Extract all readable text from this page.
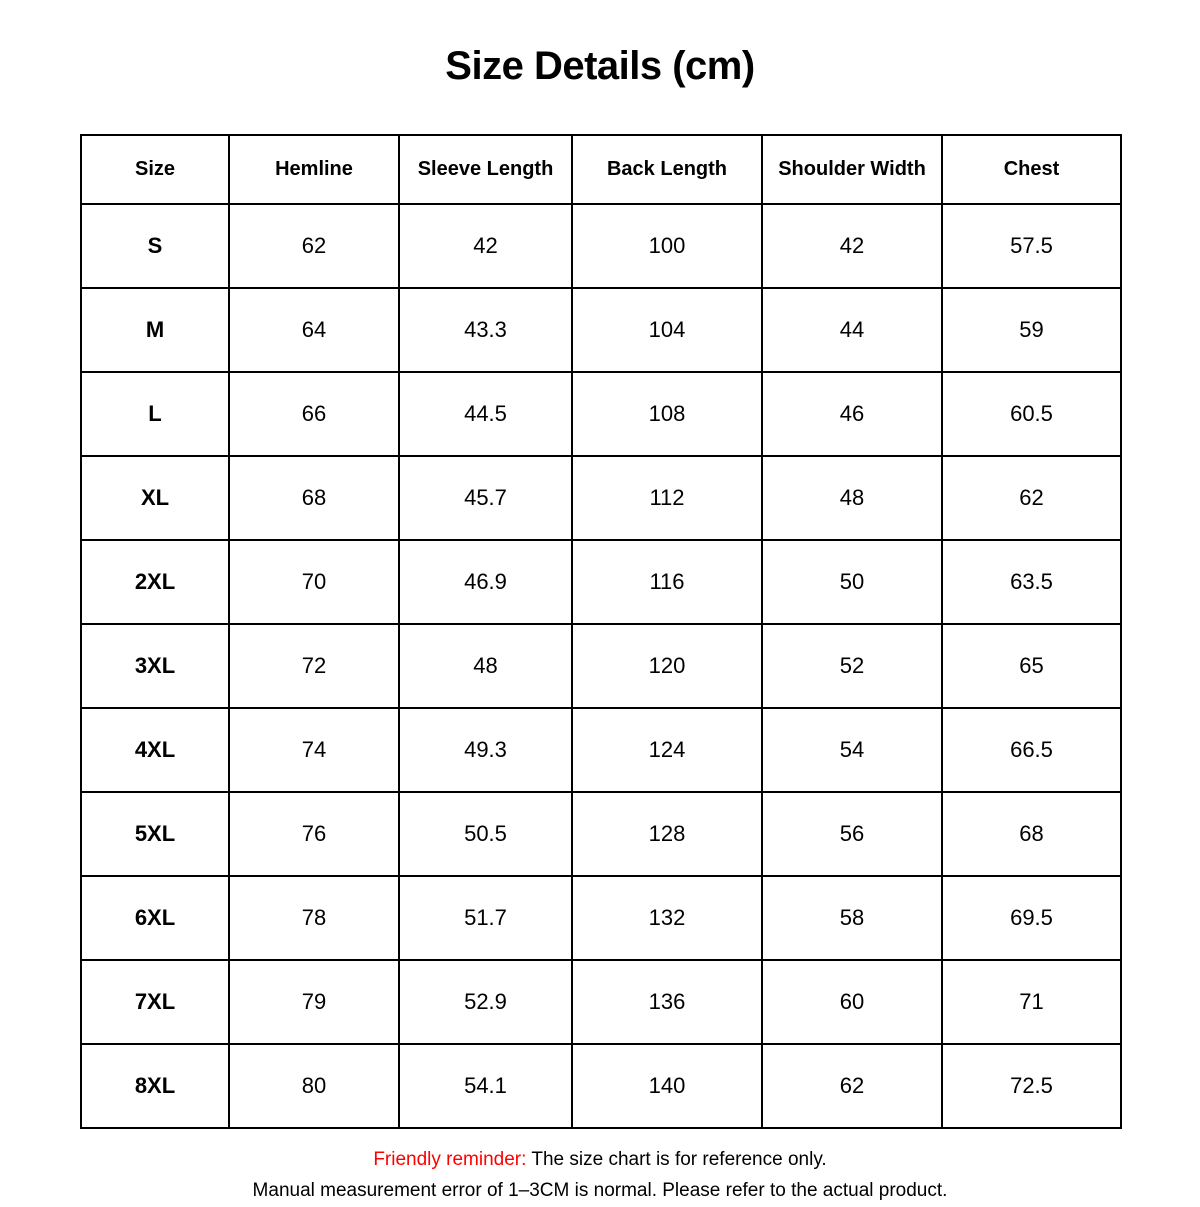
Size Details (cm)
Size	Hemline	Sleeve Length	Back Length	Shoulder Width	Chest
S	62	42	100	42	57.5
M	64	43.3	104	44	59
L	66	44.5	108	46	60.5
XL	68	45.7	112	48	62
2XL	70	46.9	116	50	63.5
3XL	72	48	120	52	65
4XL	74	49.3	124	54	66.5
5XL	76	50.5	128	56	68
6XL	78	51.7	132	58	69.5
7XL	79	52.9	136	60	71
8XL	80	54.1	140	62	72.5
Friendly reminder: The size chart is for reference only.
Manual measurement error of 1–3CM is normal. Please refer to the actual product.
